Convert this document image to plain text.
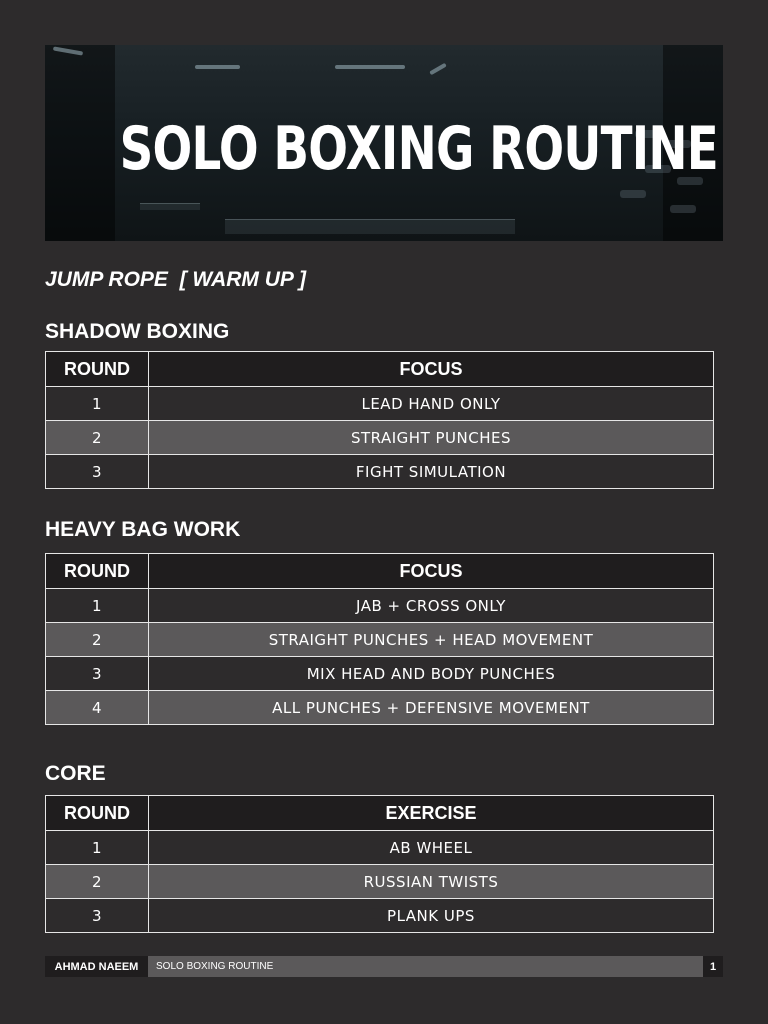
SOLO BOXING ROUTINE
JUMP ROPE  [ WARM UP ]
SHADOW BOXING
ROUND	FOCUS
1	LEAD HAND ONLY
2	STRAIGHT PUNCHES
3	FIGHT SIMULATION
HEAVY BAG WORK
ROUND	FOCUS
1	JAB + CROSS ONLY
2	STRAIGHT PUNCHES + HEAD MOVEMENT
3	MIX HEAD AND BODY PUNCHES
4	ALL PUNCHES + DEFENSIVE MOVEMENT
CORE
ROUND	EXERCISE
1	AB WHEEL
2	RUSSIAN TWISTS
3	PLANK UPS
AHMAD NAEEM	SOLO BOXING ROUTINE	1
